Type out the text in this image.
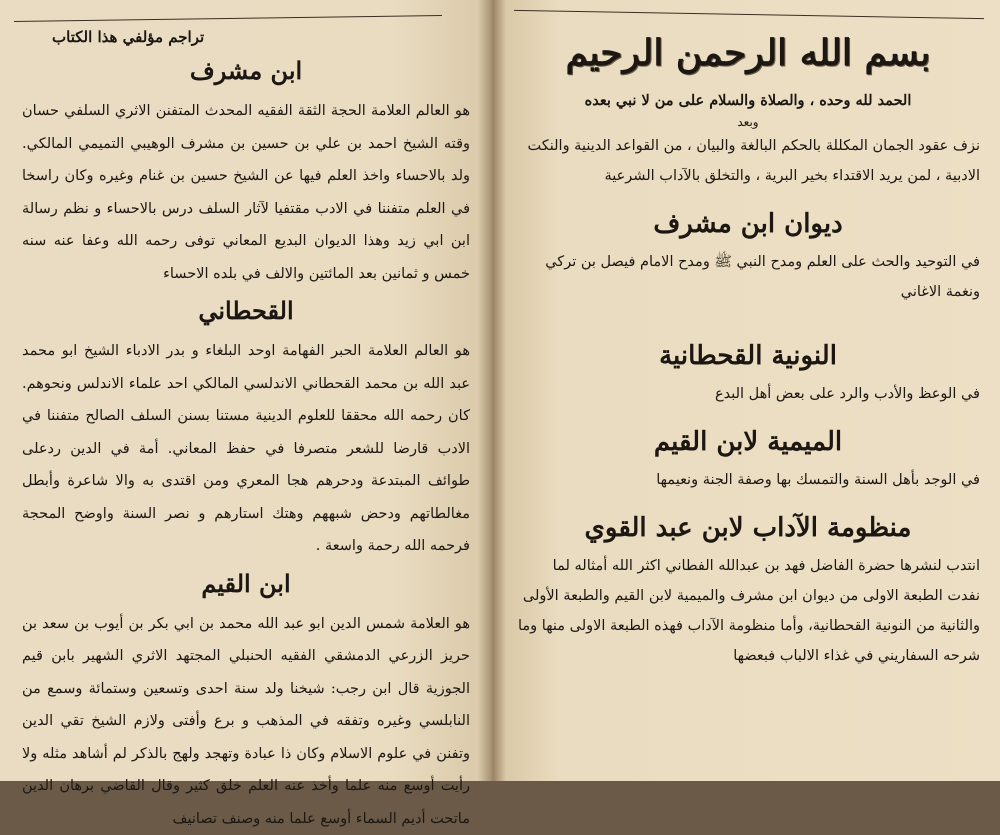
تراجم مؤلفي هذا الكتاب
ابن مشرف

هو العالم العلامة الحجة الثقة الفقيه المحدث المتفنن الاثري السلفي حسان وقته الشيخ احمد بن علي بن حسين بن مشرف الوهيبي التميمي المالكي. ولد بالاحساء واخذ العلم فيها عن الشيخ حسين بن غنام وغيره وكان راسخا في العلم متفننا في الادب مقتفيا لآثار السلف درس بالاحساء و نظم رسالة ابن ابي زيد وهذا الديوان البديع المعاني توفى رحمه الله وعفا عنه سنه خمس و ثمانين بعد المائتين والالف في بلده الاحساء

القحطاني

هو العالم العلامة الحبر الفهامة اوحد البلغاء و بدر الادباء الشيخ ابو محمد عبد الله بن محمد القحطاني الاندلسي المالكي احد علماء الاندلس ونحوهم. كان رحمه الله محققا للعلوم الدينية مستنا بسنن السلف الصالح متفننا في الادب قارضا للشعر متصرفا في حفظ المعاني. أمة في الدين ردعلى طوائف المبتدعة ودحرهم هجا المعري ومن اقتدى به والا شاعرة وأبطل مغالطاتهم ودحض شبههم وهتك استارهم و نصر السنة واوضح المحجة فرحمه الله رحمة واسعة .

ابن القيم

هو العلامة شمس الدين ابو عبد الله محمد بن ابي بكر بن أيوب بن سعد بن حريز الزرعي الدمشقي الفقيه الحنبلي المجتهد الاثري الشهير بابن قيم الجوزية قال ابن رجب: شيخنا ولد سنة احدى وتسعين وستمائة وسمع من النابلسي وغيره وتفقه في المذهب و برع وأفتى ولازم الشيخ تقي الدين وتفنن في علوم الاسلام وكان ذا عبادة وتهجد ولهج بالذكر لم أشاهد مثله ولا رأيت أوسع منه علما وأخذ عنه العلم خلق كثير وقال القاضي برهان الدين ماتحت أديم السماء أوسع علما منه وصنف تصانيف

بسم الله الرحمن الرحيم
الحمد لله وحده ، والصلاة والسلام على من لا نبي بعده
وبعد

نزف عقود الجمان المكللة بالحكم البالغة والبيان ، من القواعد الدينية والنكت الادبية ، لمن يريد الاقتداء بخير البرية ، والتخلق بالآداب الشرعية

ديوان ابن مشرف

في التوحيد والحث على العلم ومدح النبي ﷺ ومدح الامام فيصل بن تركي ونغمة الاغاني

النونية القحطانية

في الوعظ والأدب والرد على بعض أهل البدع

الميمية لابن القيم

في الوجد بأهل السنة والتمسك بها وصفة الجنة ونعيمها

منظومة الآداب لابن عبد القوي

انتدب لنشرها حضرة الفاضل فهد بن عبدالله الفطاني اكثر الله أمثاله لما نفدت الطبعة الاولى من ديوان ابن مشرف والميمية لابن القيم والطبعة الأولى والثانية من النونية القحطانية، وأما منظومة الآداب فهذه الطبعة الاولى منها وما شرحه السفاريني في غذاء الالباب فبعضها
